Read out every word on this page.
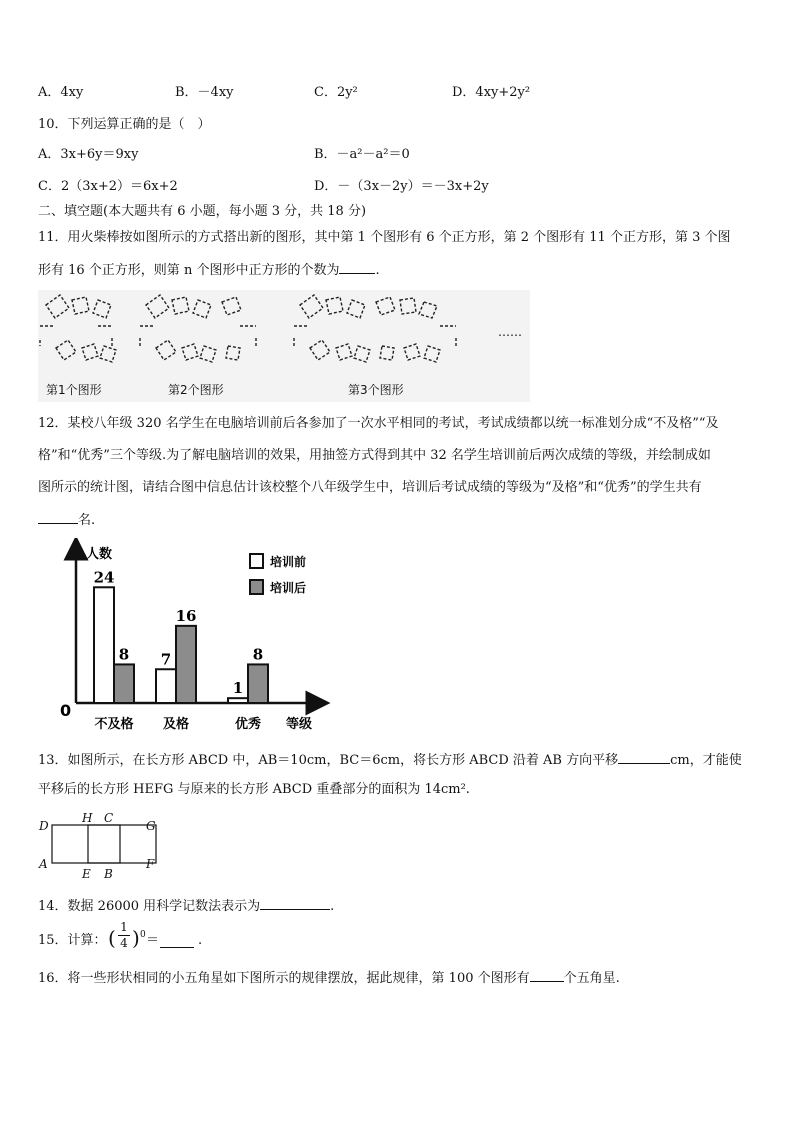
A．4xy	B．－4xy	C．2y²	D．4xy+2y²
10．下列运算正确的是（　）
A．3x+6y＝9xy	B．－a²－a²＝0
C．2（3x+2）＝6x+2	D．－（3x－2y）＝－3x+2y
二、填空题(本大题共有 6 小题，每小题 3 分，共 18 分)
11．用火柴棒按如图所示的方式搭出新的图形，其中第 1 个图形有 6 个正方形，第 2 个图形有 11 个正方形，第 3 个图
形有 16 个正方形，则第 n 个图形中正方形的个数为	.
第1个图形	第2个图形	第3个图形
……
12．某校八年级 320 名学生在电脑培训前后各参加了一次水平相同的考试，考试成绩都以统一标准划分成“不及格”“及
格”和“优秀”三个等级.为了解电脑培训的效果，用抽签方式得到其中 32 名学生培训前后两次成绩的等级，并绘制成如
图所示的统计图，请结合图中信息估计该校整个八年级学生中，培训后考试成绩的等级为“及格”和“优秀”的学生共有
名.
人数
等级
0
24
8 7
16
1
8
不及格 及格	优秀
培训前
培训后
13．如图所示，在长方形 ABCD 中，AB＝10cm，BC＝6cm，将长方形 ABCD 沿着 AB 方向平移	cm，才能使
平移后的长方形 HEFG 与原来的长方形 ABCD 重叠部分的面积为 14cm².
D
H C
G
A
E B
F
14．数据 26000 用科学记数法表示为	.
15．计算： ( $\frac{1}{4}$ ) 0 ＝	.
16．将一些形状相同的小五角星如下图所示的规律摆放，据此规律，第 100 个图形有	个五角星.
